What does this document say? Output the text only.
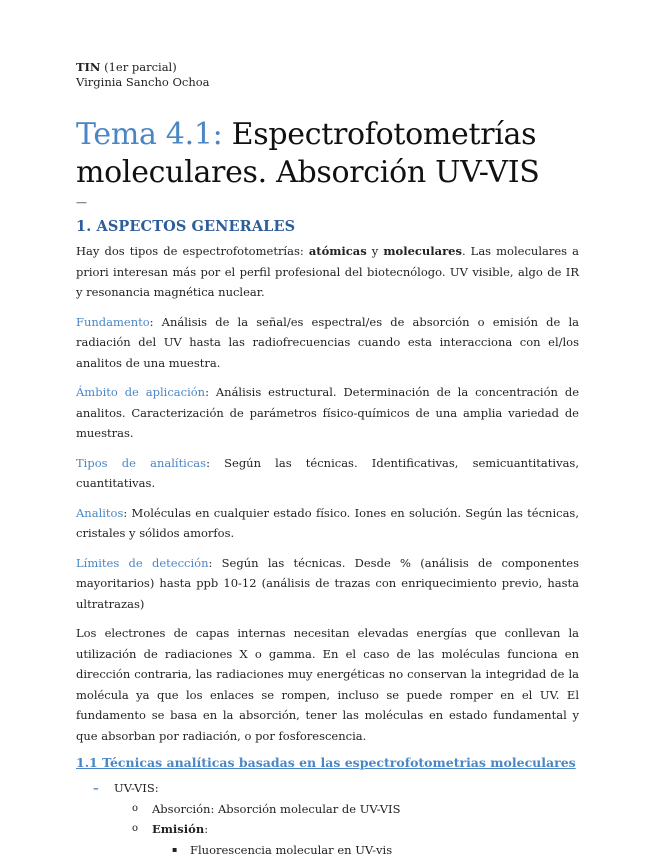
TIN (1er parcial)
Virginia Sancho Ochoa
Tema 4.1: Espectrofotometrías moleculares. Absorción UV-VIS
—
1. ASPECTOS GENERALES

Hay dos tipos de espectrofotometrías: atómicas y moleculares. Las moleculares a priori interesan más por el perfil profesional del biotecnólogo. UV visible, algo de IR y resonancia magnética nuclear.

Fundamento: Análisis de la señal/es espectral/es de absorción o emisión de la radiación del UV hasta las radiofrecuencias cuando esta interacciona con el/los analitos de una muestra.

Ámbito de aplicación: Análisis estructural. Determinación de la concentración de analitos. Caracterización de parámetros físico-químicos de una amplia variedad de muestras.

Tipos de analíticas: Según las técnicas. Identificativas, semicuantitativas, cuantitativas.

Analitos: Moléculas en cualquier estado físico. Iones en solución. Según las técnicas, cristales y sólidos amorfos.

Límites de detección: Según las técnicas. Desde % (análisis de componentes mayoritarios) hasta ppb 10-12 (análisis de trazas con enriquecimiento previo, hasta ultratrazas)

Los electrones de capas internas necesitan elevadas energías que conllevan la utilización de radiaciones X o gamma. En el caso de las moléculas funciona en dirección contraria, las radiaciones muy energéticas no conservan la integridad de la molécula ya que los enlaces se rompen, incluso se puede romper en el UV. El fundamento se basa en la absorción, tener las moléculas en estado fundamental y que absorban por radiación, o por fosforescencia.

1.1 Técnicas analíticas basadas en las espectrofotometrias moleculares
– UV-VIS:
o Absorción: Absorción molecular de UV-VIS
o Emisión:
▪ Fluorescencia molecular en UV-vis
